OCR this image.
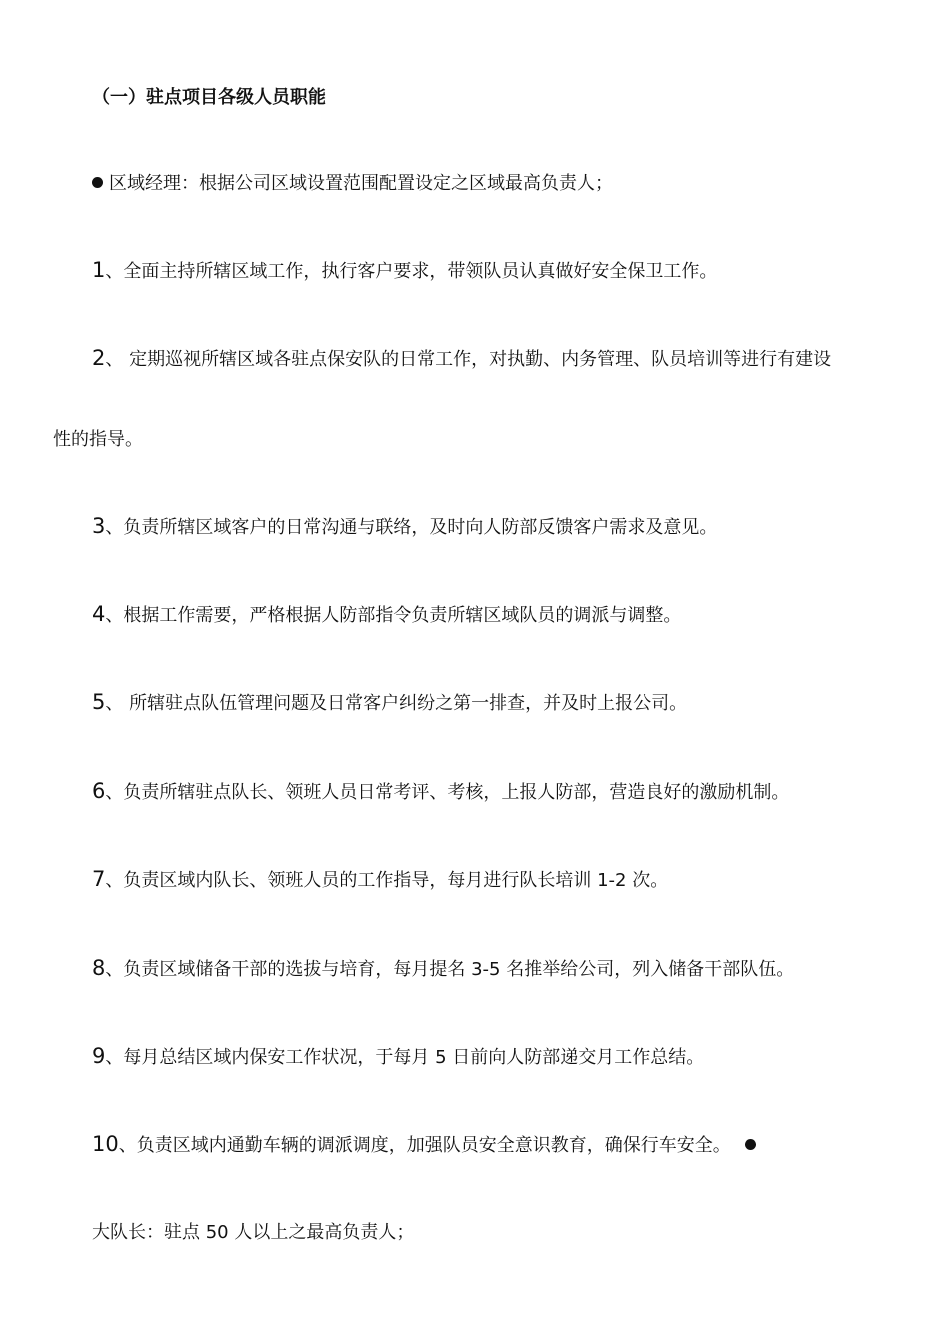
（一）驻点项目各级人员职能
区域经理：根据公司区域设置范围配置设定之区域最高负责人；
1、全面主持所辖区域工作，执行客户要求，带领队员认真做好安全保卫工作。
2、 定期巡视所辖区域各驻点保安队的日常工作，对执勤、内务管理、队员培训等进行有建设
性的指导。
3、负责所辖区域客户的日常沟通与联络，及时向人防部反馈客户需求及意见。
4、根据工作需要，严格根据人防部指令负责所辖区域队员的调派与调整。
5、 所辖驻点队伍管理问题及日常客户纠纷之第一排查，并及时上报公司。
6、负责所辖驻点队长、领班人员日常考评、考核，上报人防部，营造良好的激励机制。
7、负责区域内队长、领班人员的工作指导，每月进行队长培训 1-2 次。
8、负责区域储备干部的选拔与培育，每月提名 3-5 名推举给公司，列入储备干部队伍。
9、每月总结区域内保安工作状况，于每月 5 日前向人防部递交月工作总结。
10、负责区域内通勤车辆的调派调度，加强队员安全意识教育，确保行车安全。
大队长：驻点 50 人以上之最高负责人；
